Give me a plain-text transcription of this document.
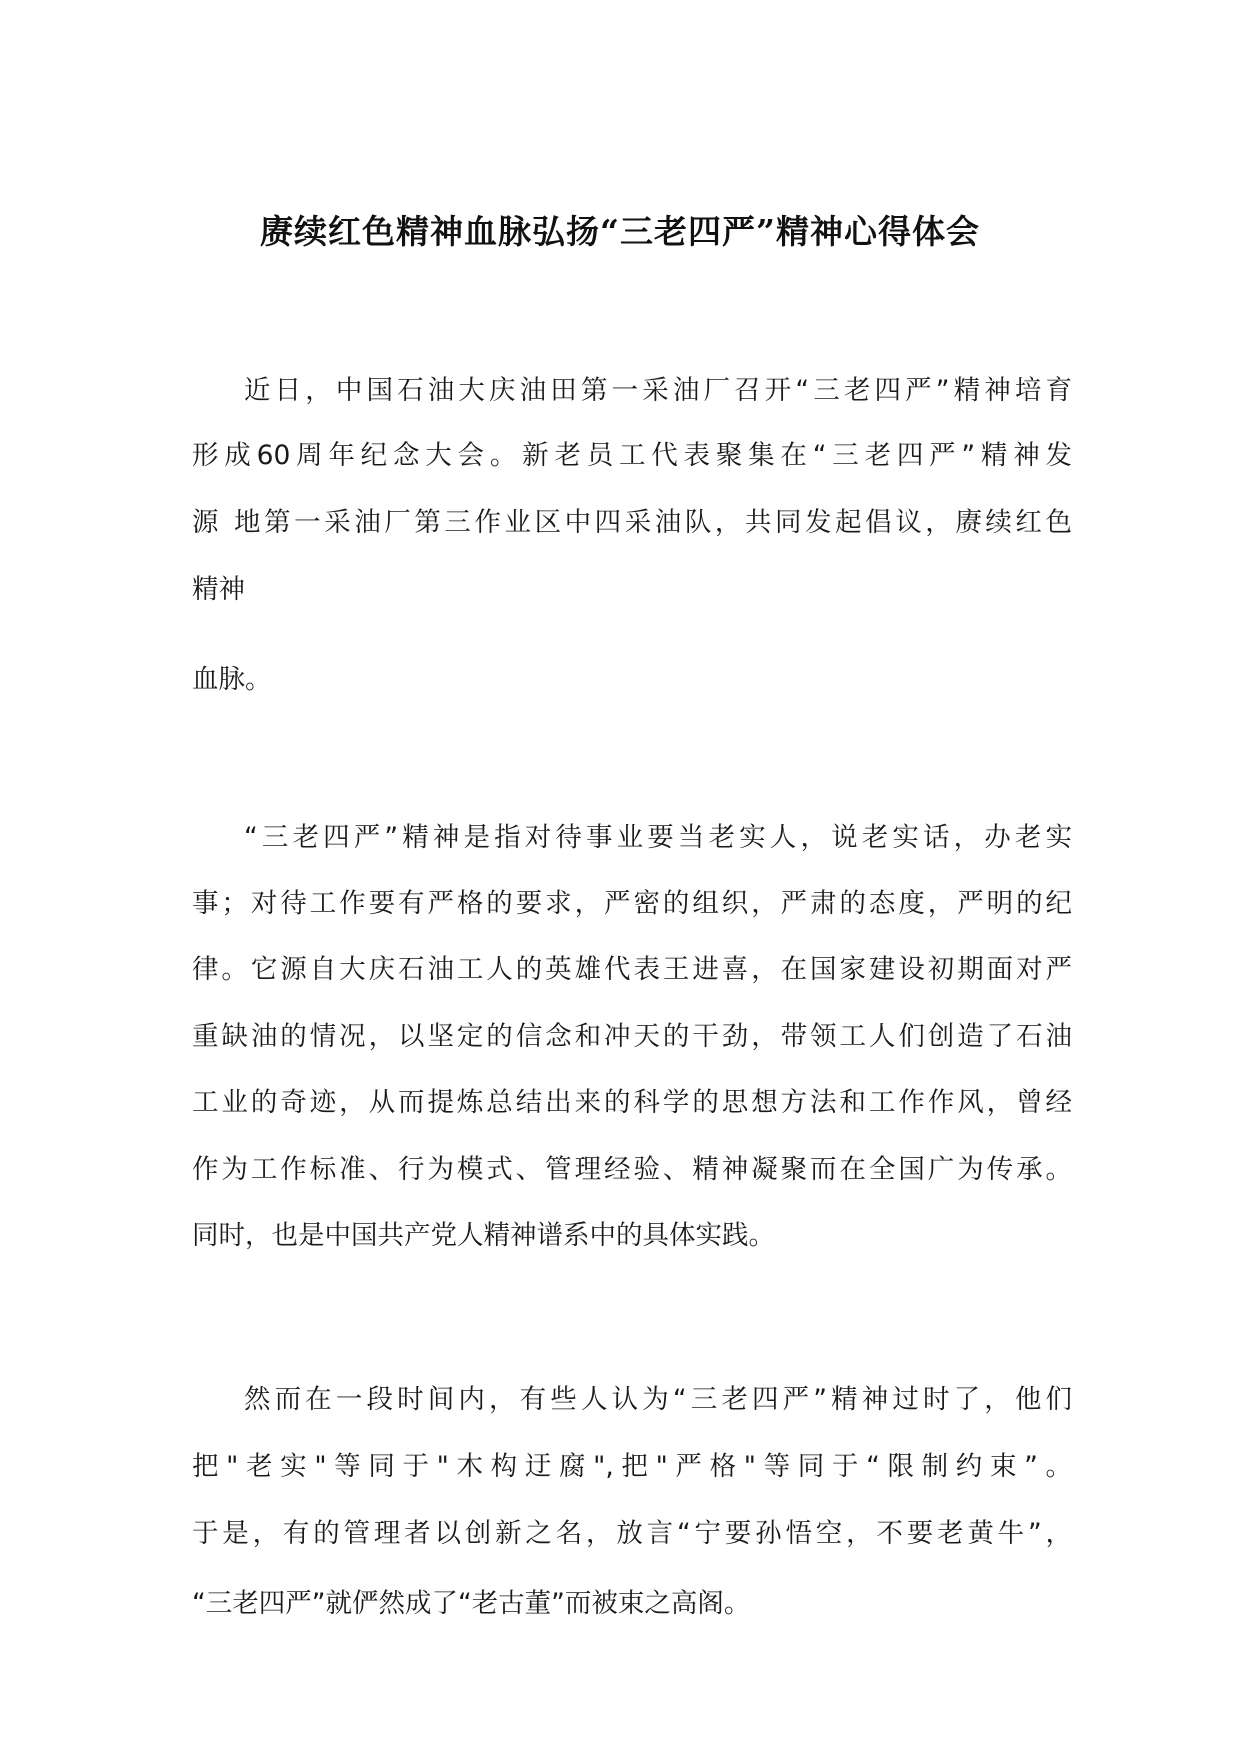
赓续红色精神血脉弘扬“三老四严”精神心得体会
近日，中国石油大庆油田第一采油厂召开“三老四严”精神培育
形成60周年纪念大会。新老员工代表聚集在“三老四严”精神发
源 地第一采油厂第三作业区中四采油队，共同发起倡议，赓续红色
精神
血脉。
“三老四严”精神是指对待事业要当老实人，说老实话，办老实
事；对待工作要有严格的要求，严密的组织，严肃的态度，严明的纪
律。它源自大庆石油工人的英雄代表王进喜，在国家建设初期面对严
重缺油的情况，以坚定的信念和冲天的干劲，带领工人们创造了石油
工业的奇迹，从而提炼总结出来的科学的思想方法和工作作风，曾经
作为工作标准、行为模式、管理经验、精神凝聚而在全国广为传承。
同时，也是中国共产党人精神谱系中的具体实践。
然而在一段时间内，有些人认为“三老四严”精神过时了，他们
把"老实"等同于"木构迂腐",把"严格"等同于“限制约束”。
于是，有的管理者以创新之名，放言“宁要孙悟空，不要老黄牛”，
“三老四严”就俨然成了“老古董”而被束之高阁。
